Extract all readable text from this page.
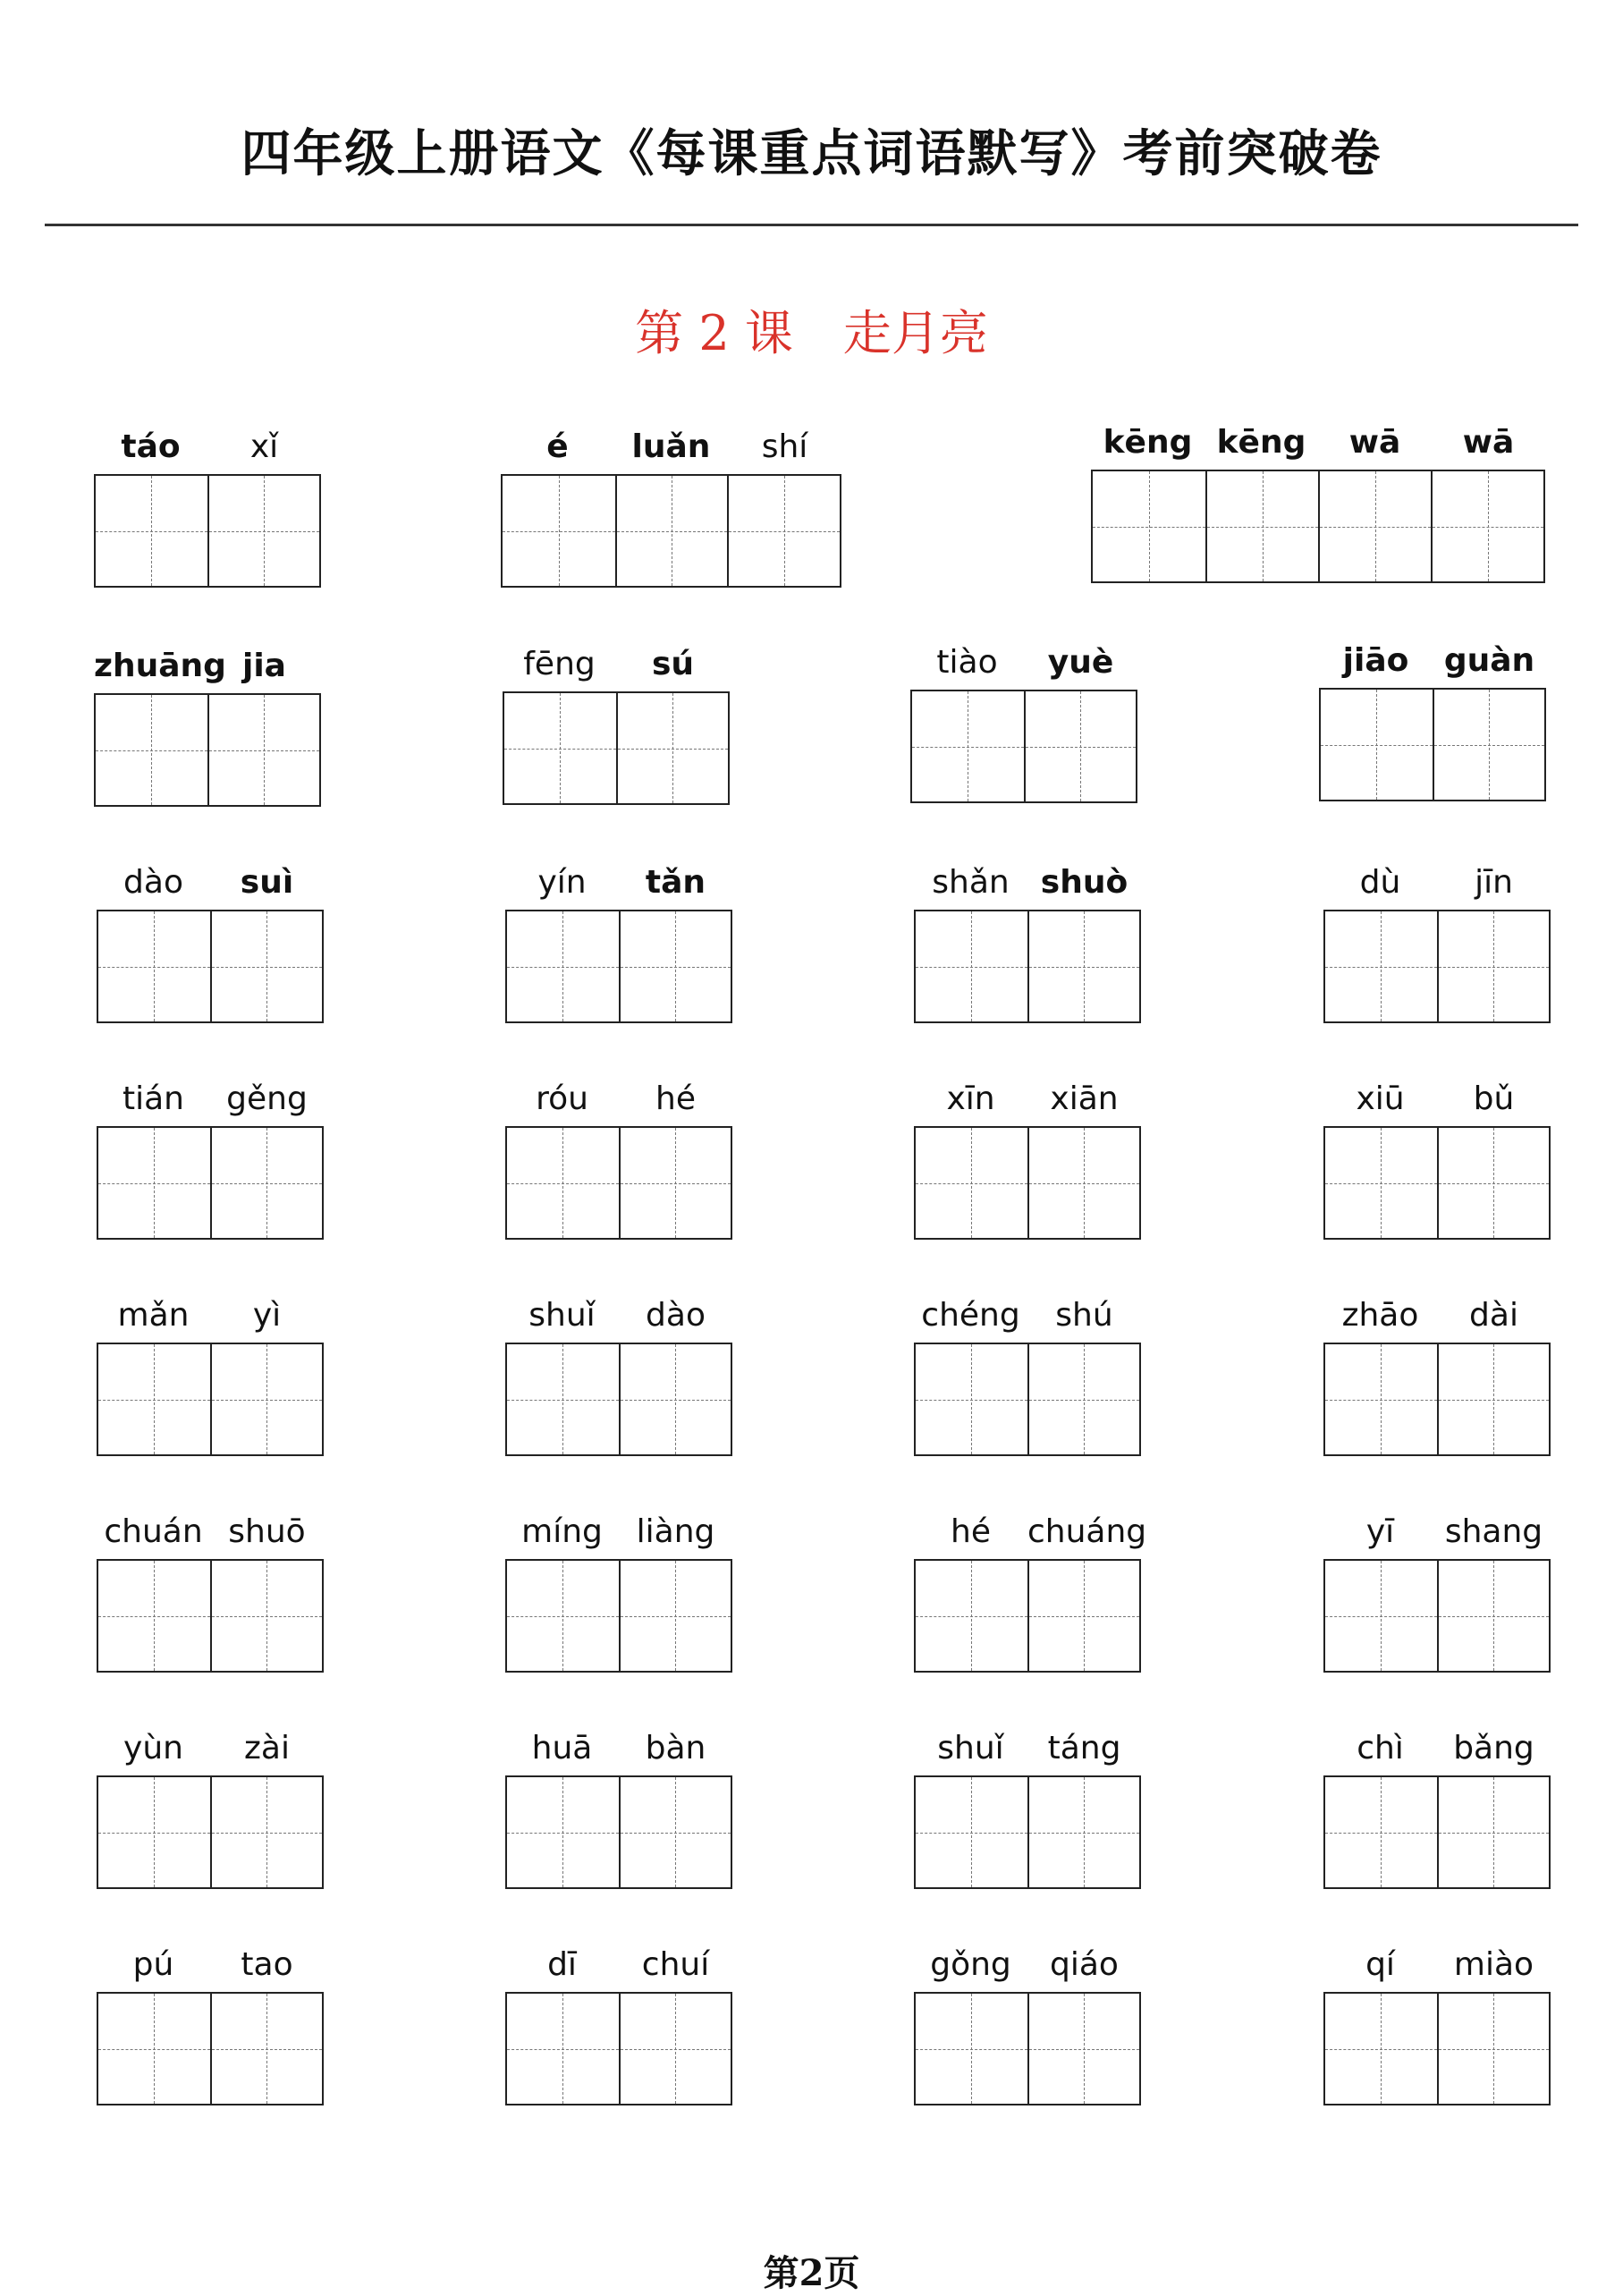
四年级上册语文《每课重点词语默写》考前突破卷
第 2 课 走月亮
táo	xǐ	é	luǎn	shí	kēng kēng	wā	wā
zhuāng jia	fēng	sú	tiào	yuè	jiāo	guàn
dào	suì	yín	tǎn	shǎn shuò	dù	jīn
tián	gěng	róu	hé	xīn	xiān	xiū	bǔ
mǎn	yì	shuǐ	dào	chéng	shú	zhāo	dài
chuán shuō	míng	liàng	hé	chuáng	yī	shang
yùn	zài	huā	bàn	shuǐ	táng	chì	bǎng
pú	tao	dī	chuí	gǒng	qiáo	qí	miào
第2页
